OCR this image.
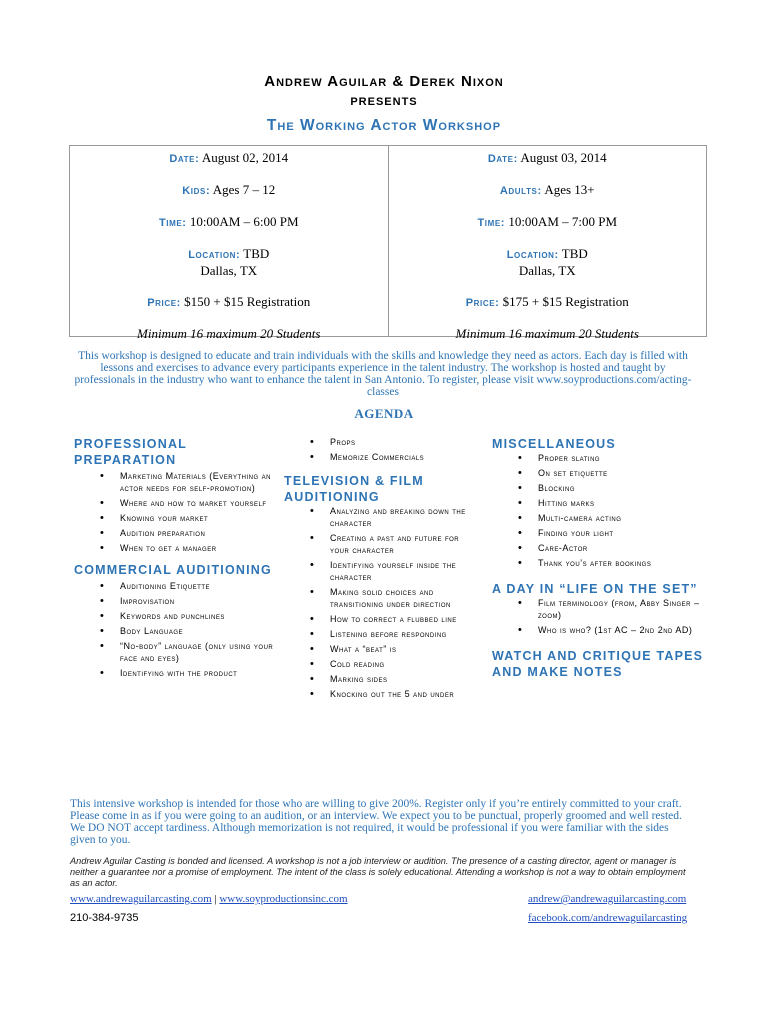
Andrew Aguilar & Derek Nixon
presents
The Working Actor Workshop
Date: August 02, 2014
Kids: Ages 7 – 12
Time: 10:00AM – 6:00 PM
Location: TBD
Dallas, TX
Price: $150 + $15 Registration
Minimum 16 maximum 20 Students
Date: August 03, 2014
Adults: Ages 13+
Time: 10:00AM – 7:00 PM
Location: TBD
Dallas, TX
Price: $175 + $15 Registration
Minimum 16 maximum 20 Students
This workshop is designed to educate and train individuals with the skills and knowledge they need as actors. Each day is filled with lessons and exercises to advance every participants experience in the talent industry. The workshop is hosted and taught by professionals in the industry who want to enhance the talent in San Antonio. To register, please visit www.soyproductions.com/acting-classes
AGENDA
PROFESSIONAL PREPARATION
• Marketing Materials (Everything an actor needs for self-promotion)
• Where and how to market yourself
• Knowing your market
• Audition preparation
• When to get a manager
COMMERCIAL AUDITIONING
• Auditioning Etiquette
• Improvisation
• Keywords and punchlines
• Body Language
• “No-body” language (only using your face and eyes)
• Identifying with the product
• Props
• Memorize Commercials
TELEVISION & FILM AUDITIONING
• Analyzing and breaking down the character
• Creating a past and future for your character
• Identifying yourself inside the character
• Making solid choices and transitioning under direction
• How to correct a flubbed line
• Listening before responding
• What a “beat” is
• Cold reading
• Marking sides
• Knocking out the 5 and under
MISCELLANEOUS
• Proper slating
• On set etiquette
• Blocking
• Hitting marks
• Multi-camera acting
• Finding your light
• Care-Actor
• Thank you’s after bookings
A DAY IN “LIFE ON THE SET”
• Film terminology (from, Abby Singer – zoom)
• Who is who? (1st AC – 2nd 2nd AD)
WATCH AND CRITIQUE TAPES AND MAKE NOTES
This intensive workshop is intended for those who are willing to give 200%. Register only if you’re entirely committed to your craft. Please come in as if you were going to an audition, or an interview. We expect you to be punctual, properly groomed and well rested. We DO NOT accept tardiness. Although memorization is not required, it would be professional if you were familiar with the sides given to you.
Andrew Aguilar Casting is bonded and licensed. A workshop is not a job interview or audition. The presence of a casting director, agent or manager is neither a guarantee nor a promise of employment. The intent of the class is solely educational. Attending a workshop is not a way to obtain employment as an actor.
www.andrewaguilarcasting.com | www.soyproductionsinc.com	andrew@andrewaguilarcasting.com
210-384-9735	facebook.com/andrewaguilarcasting
